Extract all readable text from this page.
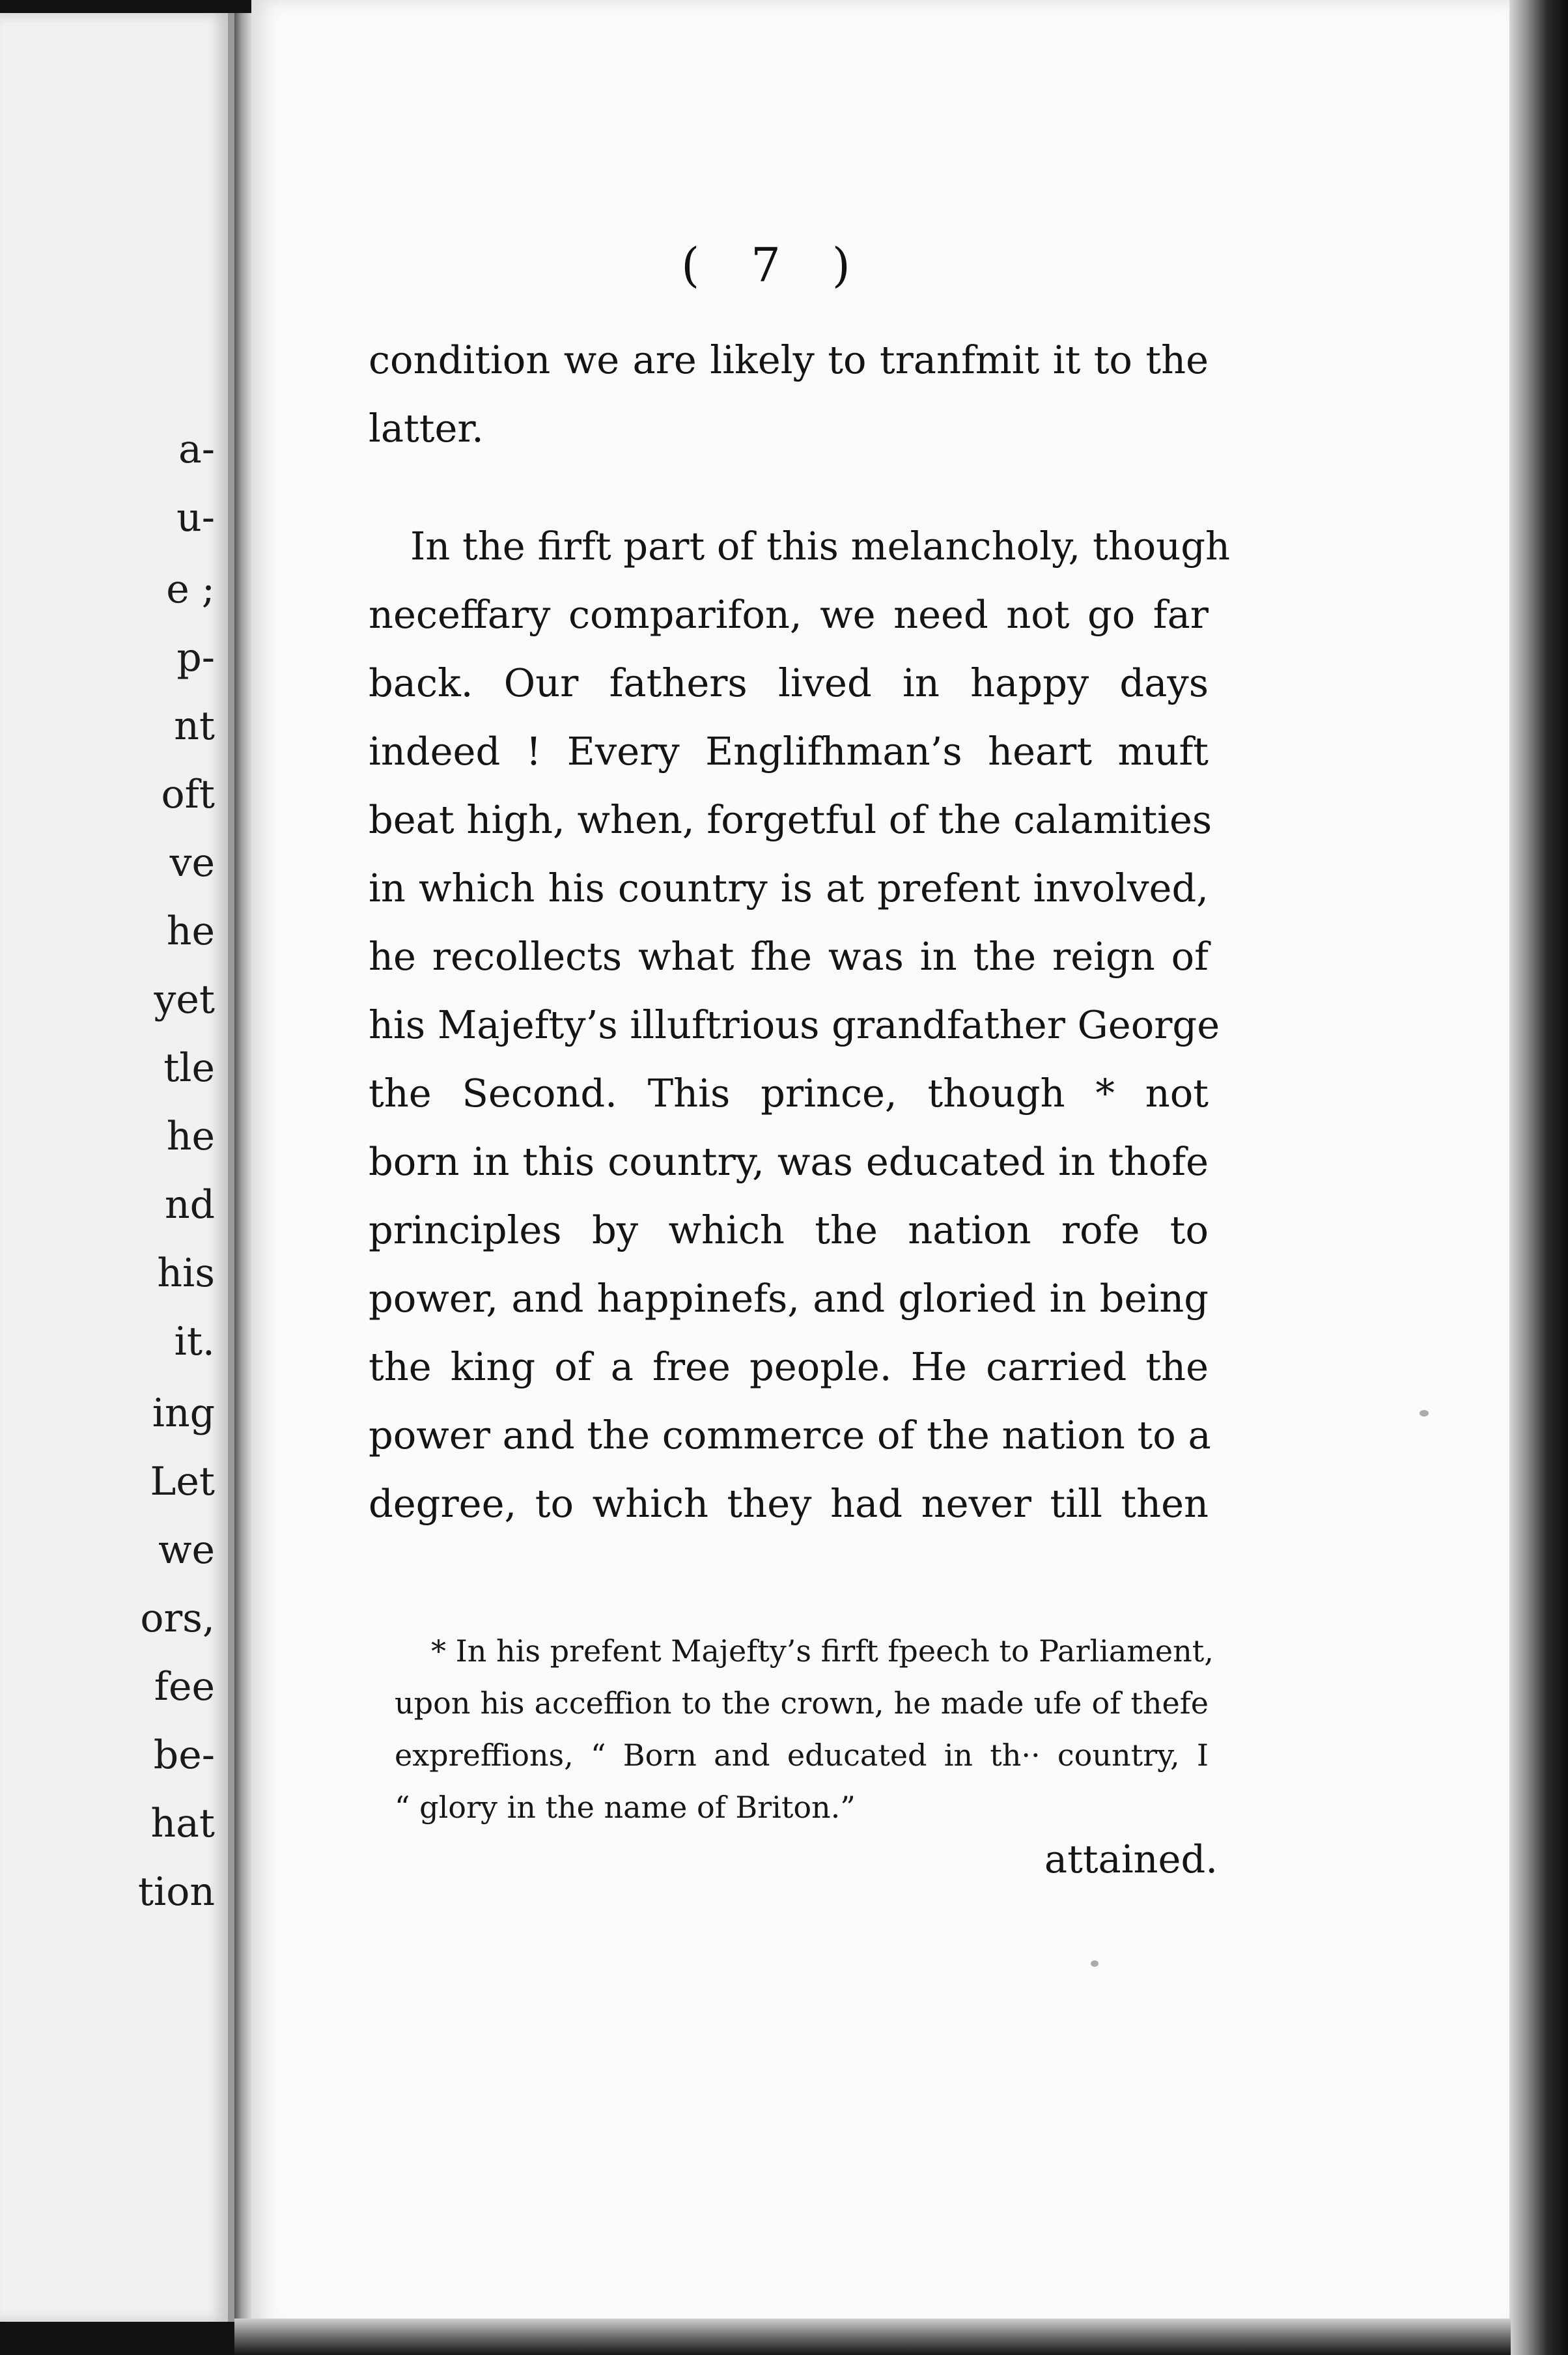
a-
u-
e ;
p-
nt
oft
ve
he
yet
tle
he
nd
his
it.
ing
Let
we
ors,
fee
be-
hat
tion
( 7 )
condition we are likely to tranfmit it to the
latter.
In the firft part of this melancholy, though
neceffary comparifon, we need not go far
back. Our fathers lived in happy days
indeed ! Every Englifhman’s heart muft
beat high, when, forgetful of the calamities
in which his country is at prefent involved,
he recollects what fhe was in the reign of
his Majefty’s illuftrious grandfather George
the Second. This prince, though * not
born in this country, was educated in thofe
principles by which the nation rofe to
power, and happinefs, and gloried in being
the king of a free people. He carried the
power and the commerce of the nation to a
degree, to which they had never till then
* In his prefent Majefty’s firft fpeech to Parliament,
upon his acceffion to the crown, he made ufe of thefe
expreffions, “ Born and educated in th·· country, I
“ glory in the name of Briton.”
attained.
